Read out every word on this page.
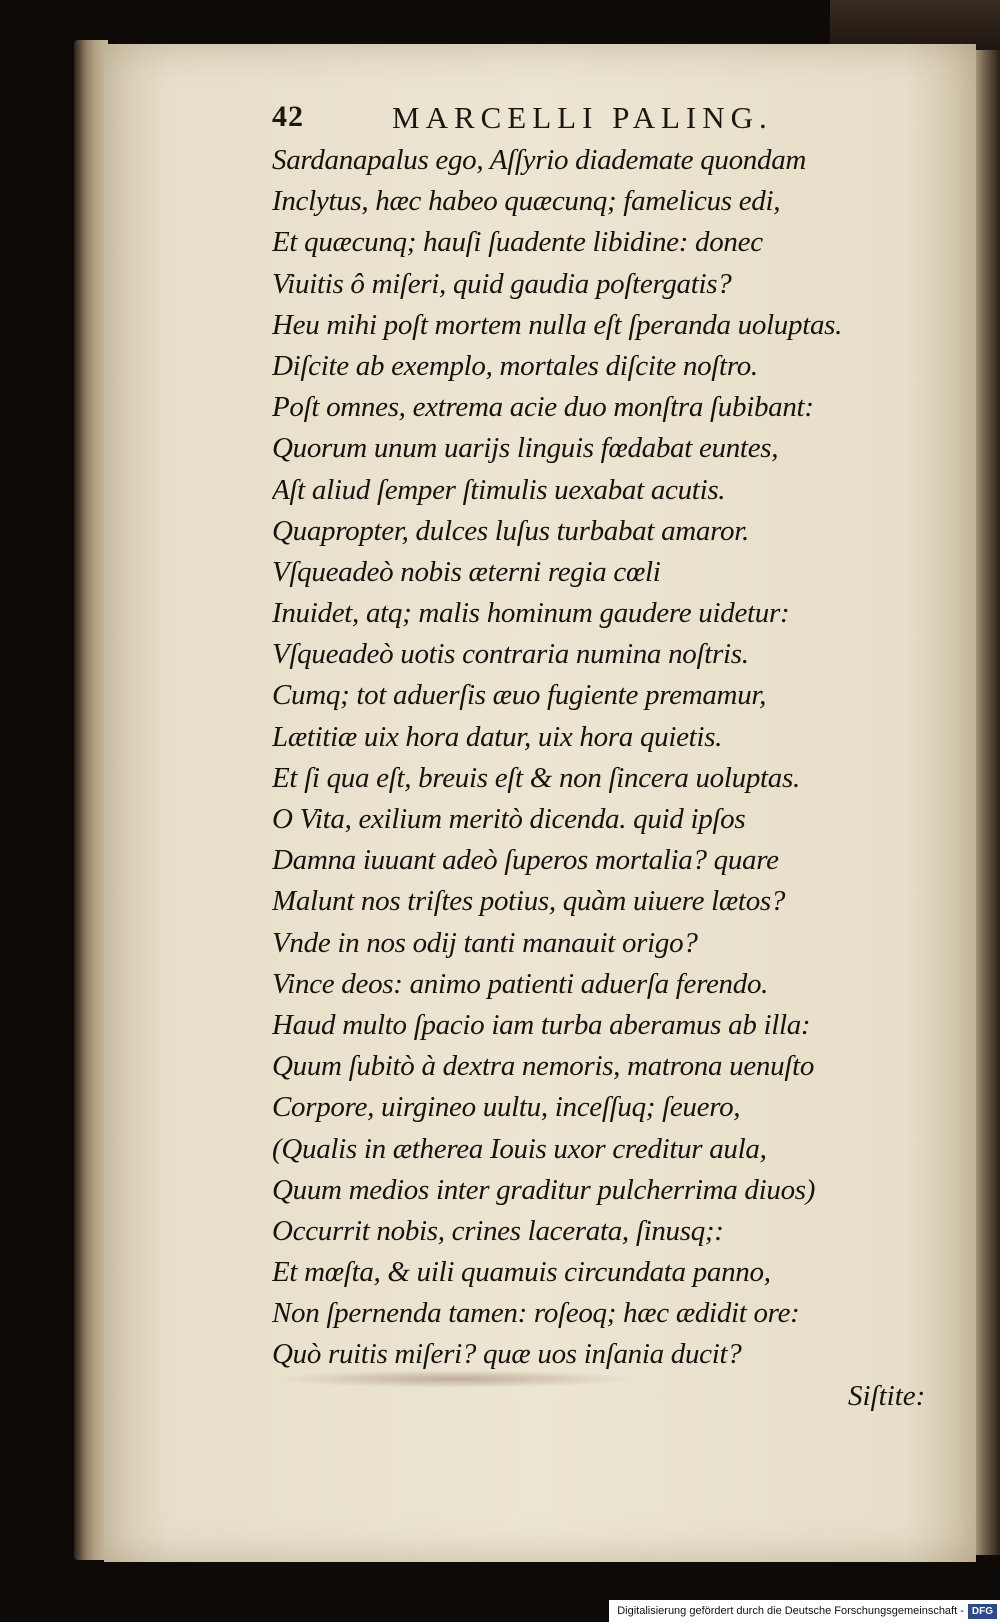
42	MARCELLI PALING.
Sardanapalus ego, Aſſyrio diademate quondam
Inclytus, hæc habeo quæcunq; famelicus edi,
Et quæcunq; hauſi ſuadente libidine: donec
Viuitis ô miſeri, quid gaudia poſtergatis?
Heu mihi poſt mortem nulla eſt ſperanda uoluptas.
Diſcite ab exemplo, mortales diſcite noſtro.
Poſt omnes, extrema acie duo monſtra ſubibant:
Quorum unum uarijs linguis fœdabat euntes,
Aſt aliud ſemper ſtimulis uexabat acutis.
Quapropter, dulces luſus turbabat amaror.
Vſqueadeò nobis æterni regia cœli
Inuidet, atq; malis hominum gaudere uidetur:
Vſqueadeò uotis contraria numina noſtris.
Cumq; tot aduerſis æuo fugiente premamur,
Lætitiæ uix hora datur, uix hora quietis.
Et ſi qua eſt, breuis eſt & non ſincera uoluptas.
O Vita, exilium meritò dicenda. quid ipſos
Damna iuuant adeò ſuperos mortalia? quare
Malunt nos triſtes potius, quàm uiuere lætos?
Vnde in nos odij tanti manauit origo?
Vince deos: animo patienti aduerſa ferendo.
Haud multo ſpacio iam turba aberamus ab illa:
Quum ſubitò à dextra nemoris, matrona uenuſto
Corpore, uirgineo uultu, inceſſuq; ſeuero,
(Qualis in æthereа Iouis uxor creditur aula,
Quum medios inter graditur pulcherrima diuos)
Occurrit nobis, crines lacerata, ſinusq;:
Et mœſta, & uili quamuis circundata panno,
Non ſpernenda tamen: roſeoq; hæc ædidit ore:
Quò ruitis miſeri? quæ uos inſania ducit?
Siſtite:
Digitalisierung gefördert durch die Deutsche Forschungsgemeinschaft - DFG
